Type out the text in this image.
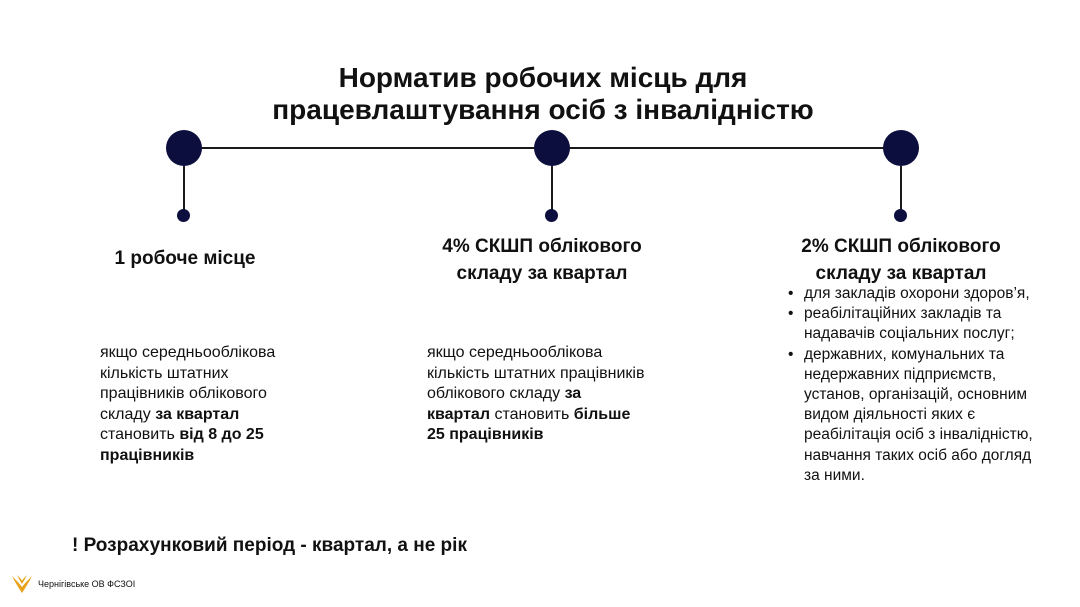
Норматив робочих місць для
працевлаштування осіб з інвалідністю
1 робоче місце
якщо середньооблікова кількість штатних працівників облікового складу за квартал становить від 8 до 25 працівників
4% СКШП облікового
складу за квартал
якщо середньооблікова кількість штатних працівників облікового складу за квартал становить більше 25 працівників
2% СКШП облікового
складу за квартал
• для закладів охорони здоров’я,
• реабілітаційних закладів та надавачів соціальних послуг;
• державних, комунальних та недержавних підприємств, установ, організацій, основним видом діяльності яких є реабілітація осіб з інвалідністю, навчання таких осіб або догляд за ними.
! Розрахунковий період - квартал, а не рік
Чернігівське ОВ ФСЗОІ
